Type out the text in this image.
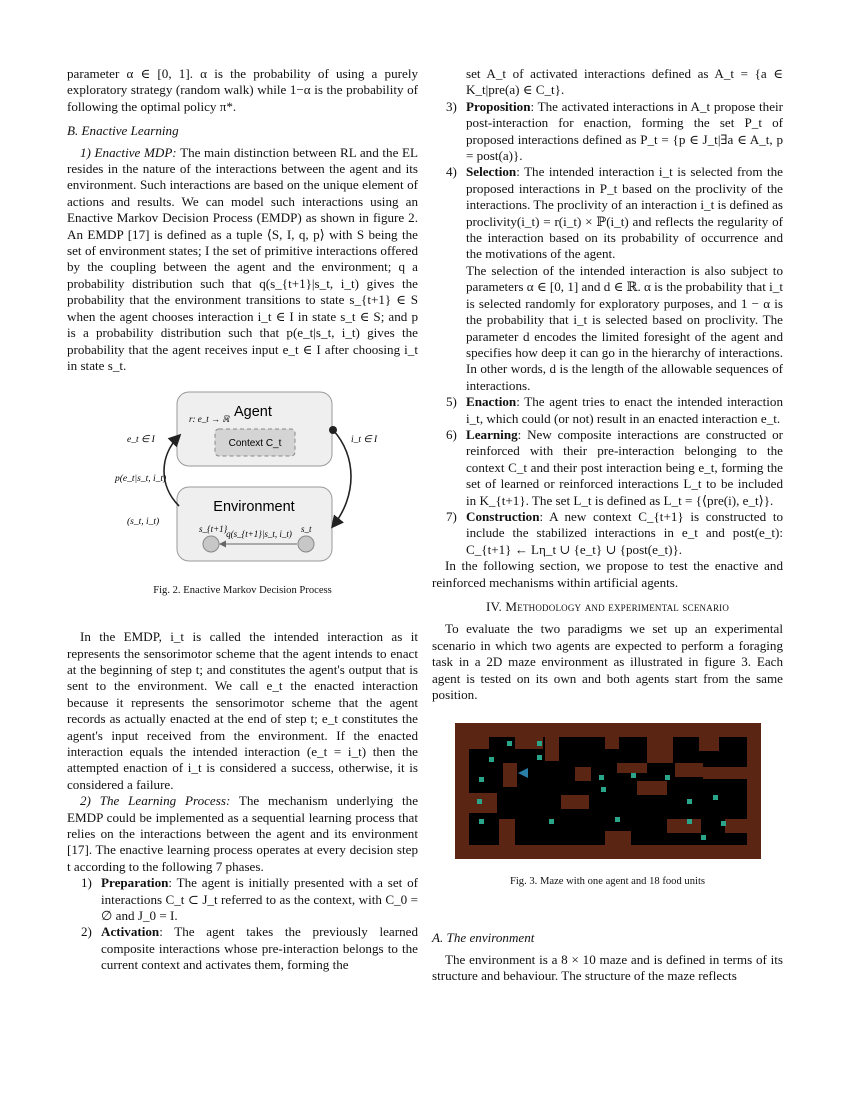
parameter α ∈ [0, 1]. α is the probability of using a purely exploratory strategy (random walk) while 1−α is the probability of following the optimal policy π*.

B. Enactive Learning

1) Enactive MDP: The main distinction between RL and the EL resides in the nature of the interactions between the agent and its environment. Such interactions are based on the unique element of actions and results. We can model such interactions using an Enactive Markov Decision Process (EMDP) as shown in figure 2. An EMDP [17] is defined as a tuple ⟨S, I, q, p⟩ with S being the set of environment states; I the set of primitive interactions offered by the coupling between the agent and the environment; q a probability distribution such that q(s_{t+1}|s_t, i_t) gives the probability that the environment transitions to state s_{t+1} ∈ S when the agent chooses interaction i_t ∈ I in state s_t ∈ S; and p is a probability distribution such that p(e_t|s_t, i_t) gives the probability that the agent receives input e_t ∈ I after choosing i_t in state s_t.

Agent
r: e_t → ℝ
Context C_t
Environment
e_t ∈ I
p(e_t|s_t, i_t)
(s_t, i_t)
i_t ∈ I
s_{t+1}	s_t
q(s_{t+1}|s_t, i_t)

Fig. 2. Enactive Markov Decision Process

In the EMDP, i_t is called the intended interaction as it represents the sensorimotor scheme that the agent intends to enact at the beginning of step t; and constitutes the agent's output that is sent to the environment. We call e_t the enacted interaction because it represents the sensorimotor scheme that the agent records as actually enacted at the end of step t; e_t constitutes the agent's input received from the environment. If the enacted interaction equals the intended interaction (e_t = i_t) then the attempted enaction of i_t is considered a success, otherwise, it is considered a failure.

2) The Learning Process: The mechanism underlying the EMDP could be implemented as a sequential learning process that relies on the interactions between the agent and its environment [17]. The enactive learning process operates at every decision step t according to the following 7 phases.

1) Preparation: The agent is initially presented with a set of interactions C_t ⊂ J_t referred to as the context, with C_0 = ∅ and J_0 = I.
2) Activation: The agent takes the previously learned composite interactions whose pre-interaction belongs to the current context and activates them, forming the

set A_t of activated interactions defined as A_t = {a ∈ K_t|pre(a) ∈ C_t}.

3) Proposition: The activated interactions in A_t propose their post-interaction for enaction, forming the set P_t of proposed interactions defined as P_t = {p ∈ J_t|∃a ∈ A_t, p = post(a)}.
4) Selection: The intended interaction i_t is selected from the proposed interactions in P_t based on the proclivity of the interactions. The proclivity of an interaction i_t is defined as proclivity(i_t) = r(i_t) × ℙ(i_t) and reflects the regularity of the interaction based on its probability of occurrence and the motivations of the agent.

The selection of the intended interaction is also subject to parameters α ∈ [0, 1] and d ∈ ℝ. α is the probability that i_t is selected randomly for exploratory purposes, and 1 − α is the probability that i_t is selected based on proclivity. The parameter d encodes the limited foresight of the agent and specifies how deep it can go in the hierarchy of interactions. In other words, d is the length of the allowable sequences of interactions.

5) Enaction: The agent tries to enact the intended interaction i_t, which could (or not) result in an enacted interaction e_t.
6) Learning: New composite interactions are constructed or reinforced with their pre-interaction belonging to the context C_t and their post interaction being e_t, forming the set of learned or reinforced interactions L_t to be included in K_{t+1}. The set L_t is defined as L_t = {⟨pre(i), e_t⟩}.
7) Construction: A new context C_{t+1} is constructed to include the stabilized interactions in e_t and post(e_t): C_{t+1} ← Lη_t ∪ {e_t} ∪ {post(e_t)}.

In the following section, we propose to test the enactive and reinforced mechanisms within artificial agents.

IV. Methodology and experimental scenario

To evaluate the two paradigms we set up an experimental scenario in which two agents are expected to perform a foraging task in a 2D maze environment as illustrated in figure 3. Each agent is tested on its own and both agents start from the same position.

Fig. 3. Maze with one agent and 18 food units

A. The environment

The environment is a 8 × 10 maze and is defined in terms of its structure and behaviour. The structure of the maze reflects
